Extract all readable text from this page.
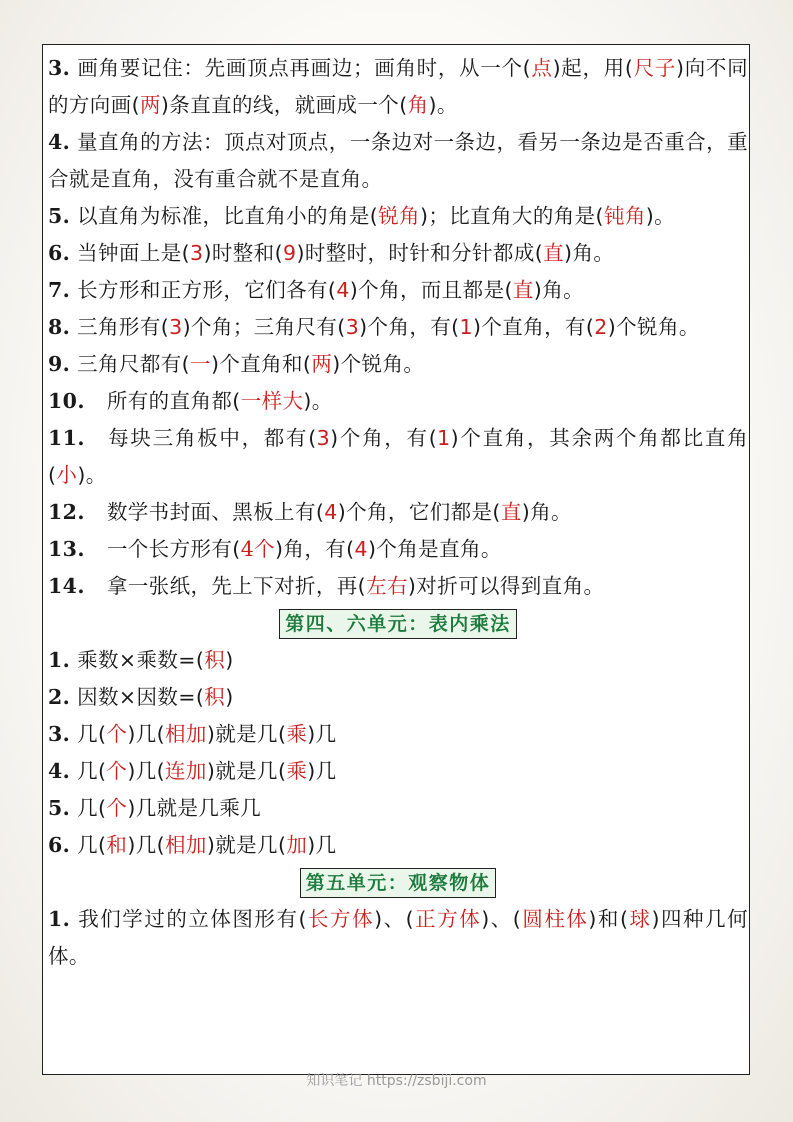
3. 画角要记住：先画顶点再画边；画角时，从一个(点)起，用(尺子)向不同的方向画(两)条直直的线，就画成一个(角)。

4. 量直角的方法：顶点对顶点，一条边对一条边，看另一条边是否重合，重合就是直角，没有重合就不是直角。

5. 以直角为标准，比直角小的角是(锐角)；比直角大的角是(钝角)。

6. 当钟面上是(3)时整和(9)时整时，时针和分针都成(直)角。

7. 长方形和正方形，它们各有(4)个角，而且都是(直)角。

8. 三角形有(3)个角；三角尺有(3)个角，有(1)个直角，有(2)个锐角。

9. 三角尺都有(一)个直角和(两)个锐角。

10. 所有的直角都(一样大)。

11. 每块三角板中，都有(3)个角，有(1)个直角，其余两个角都比直角(小)。

12. 数学书封面、黑板上有(4)个角，它们都是(直)角。

13. 一个长方形有(4个)角，有(4)个角是直角。

14. 拿一张纸，先上下对折，再(左右)对折可以得到直角。

第四、六单元：表内乘法

1. 乘数×乘数=(积)

2. 因数×因数=(积)

3. 几(个)几(相加)就是几(乘)几

4. 几(个)几(连加)就是几(乘)几

5. 几(个)几就是几乘几

6. 几(和)几(相加)就是几(加)几

第五单元：观察物体

1. 我们学过的立体图形有(长方体)、(正方体)、(圆柱体)和(球)四种几何体。

知识笔记 https://zsbiji.com
